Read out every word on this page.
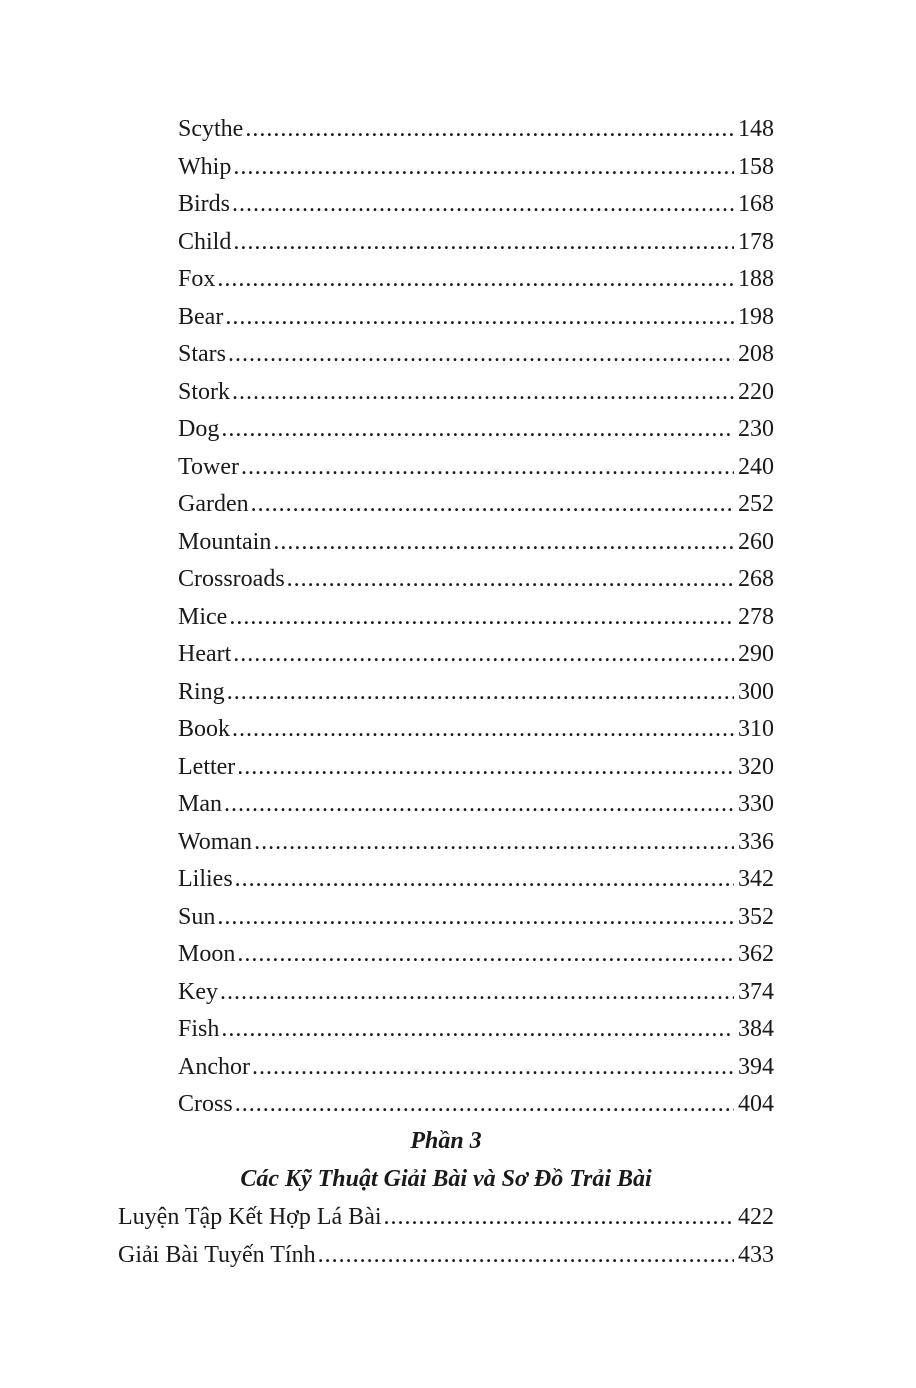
Scythe .....	148
Whip .....	158
Birds .....	168
Child .....	178
Fox .....	188
Bear .....	198
Stars .....	208
Stork .....	220
Dog .....	230
Tower .....	240
Garden .....	252
Mountain .....	260
Crossroads .....	268
Mice .....	278
Heart .....	290
Ring .....	300
Book .....	310
Letter .....	320
Man .....	330
Woman .....	336
Lilies .....	342
Sun .....	352
Moon .....	362
Key .....	374
Fish .....	384
Anchor .....	394
Cross .....	404
Phần 3
Các Kỹ Thuật Giải Bài và Sơ Đồ Trải Bài
Luyện Tập Kết Hợp Lá Bài .....	422
Giải Bài Tuyến Tính .....	433
